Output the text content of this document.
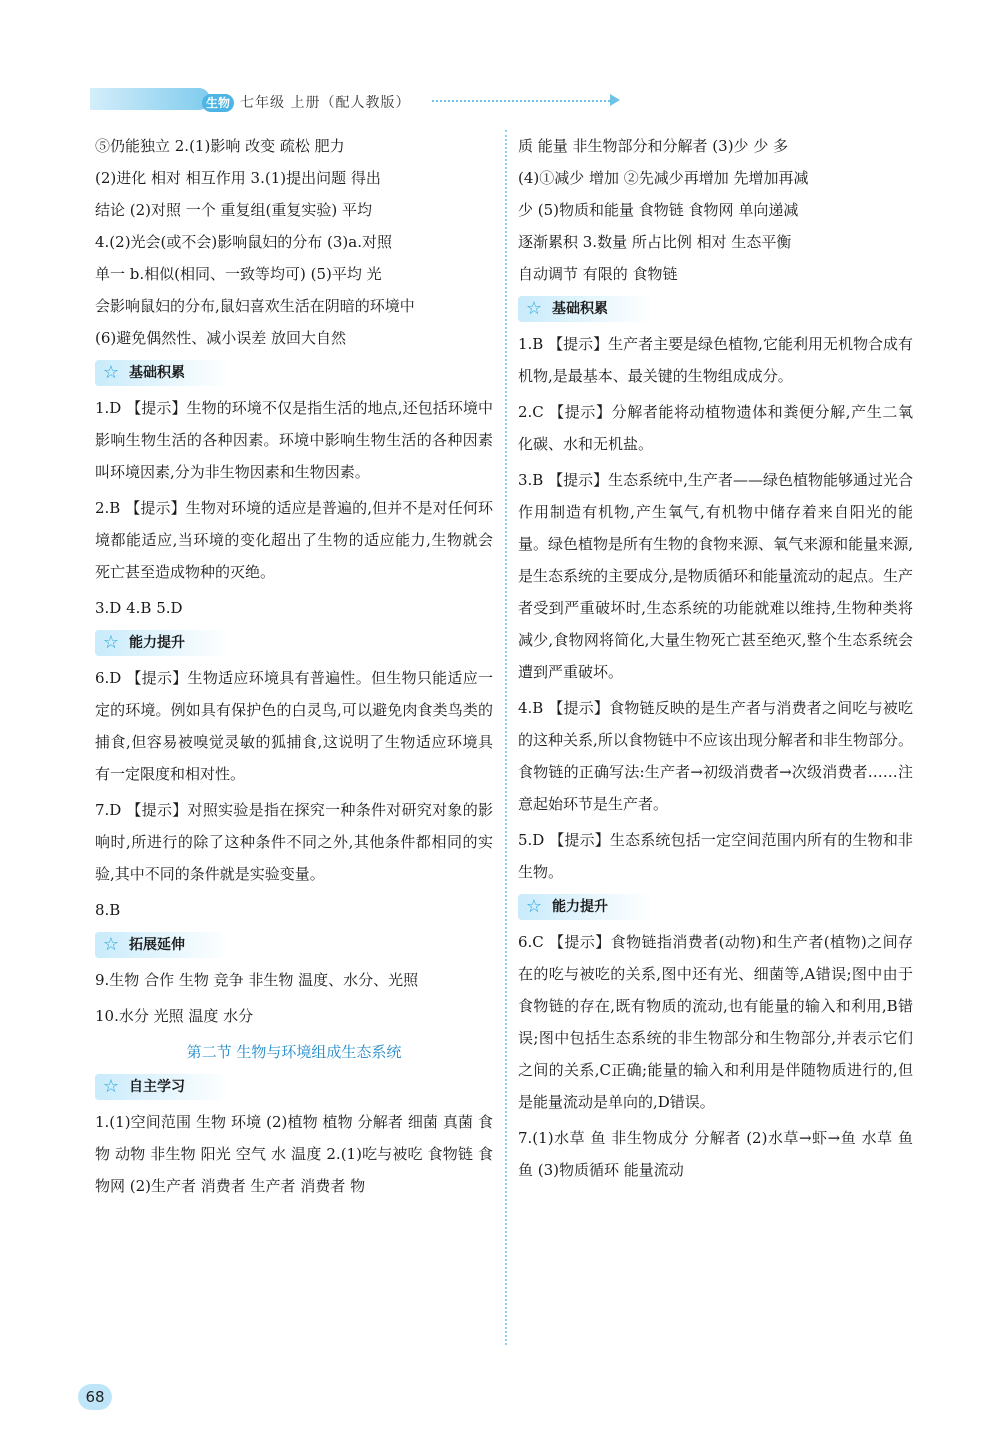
生物 七年级 上册（配人教版）

⑤仍能独立 2.(1)影响 改变 疏松 肥力

(2)进化 相对 相互作用 3.(1)提出问题 得出

结论 (2)对照 一个 重复组(重复实验) 平均

4.(2)光会(或不会)影响鼠妇的分布 (3)a.对照

单一 b.相似(相同、一致等均可) (5)平均 光

会影响鼠妇的分布,鼠妇喜欢生活在阴暗的环境中

(6)避免偶然性、减小误差 放回大自然

☆ 基础积累

1.D 【提示】生物的环境不仅是指生活的地点,还包括环境中影响生物生活的各种因素。环境中影响生物生活的各种因素叫环境因素,分为非生物因素和生物因素。

2.B 【提示】生物对环境的适应是普遍的,但并不是对任何环境都能适应,当环境的变化超出了生物的适应能力,生物就会死亡甚至造成物种的灭绝。

3.D 4.B 5.D

☆ 能力提升

6.D 【提示】生物适应环境具有普遍性。但生物只能适应一定的环境。例如具有保护色的白灵鸟,可以避免肉食类鸟类的捕食,但容易被嗅觉灵敏的狐捕食,这说明了生物适应环境具有一定限度和相对性。

7.D 【提示】对照实验是指在探究一种条件对研究对象的影响时,所进行的除了这种条件不同之外,其他条件都相同的实验,其中不同的条件就是实验变量。

8.B

☆ 拓展延伸

9.生物 合作 生物 竞争 非生物 温度、水分、光照

10.水分 光照 温度 水分

第二节 生物与环境组成生态系统
☆ 自主学习

1.(1)空间范围 生物 环境 (2)植物 植物 分解者 细菌 真菌 食物 动物 非生物 阳光 空气 水 温度 2.(1)吃与被吃 食物链 食物网 (2)生产者 消费者 生产者 消费者 物

质 能量 非生物部分和分解者 (3)少 少 多

(4)①减少 增加 ②先减少再增加 先增加再减

少 (5)物质和能量 食物链 食物网 单向递减

逐渐累积 3.数量 所占比例 相对 生态平衡

自动调节 有限的 食物链

☆ 基础积累

1.B 【提示】生产者主要是绿色植物,它能利用无机物合成有机物,是最基本、最关键的生物组成成分。

2.C 【提示】分解者能将动植物遗体和粪便分解,产生二氧化碳、水和无机盐。

3.B 【提示】生态系统中,生产者——绿色植物能够通过光合作用制造有机物,产生氧气,有机物中储存着来自阳光的能量。绿色植物是所有生物的食物来源、氧气来源和能量来源,是生态系统的主要成分,是物质循环和能量流动的起点。生产者受到严重破坏时,生态系统的功能就难以维持,生物种类将减少,食物网将简化,大量生物死亡甚至绝灭,整个生态系统会遭到严重破坏。

4.B 【提示】食物链反映的是生产者与消费者之间吃与被吃的这种关系,所以食物链中不应该出现分解者和非生物部分。食物链的正确写法:生产者→初级消费者→次级消费者……注意起始环节是生产者。

5.D 【提示】生态系统包括一定空间范围内所有的生物和非生物。

☆ 能力提升

6.C 【提示】食物链指消费者(动物)和生产者(植物)之间存在的吃与被吃的关系,图中还有光、细菌等,A错误;图中由于食物链的存在,既有物质的流动,也有能量的输入和利用,B错误;图中包括生态系统的非生物部分和生物部分,并表示它们之间的关系,C正确;能量的输入和利用是伴随物质进行的,但是能量流动是单向的,D错误。

7.(1)水草 鱼 非生物成分 分解者 (2)水草→虾→鱼 水草 鱼 鱼 (3)物质循环 能量流动

68
